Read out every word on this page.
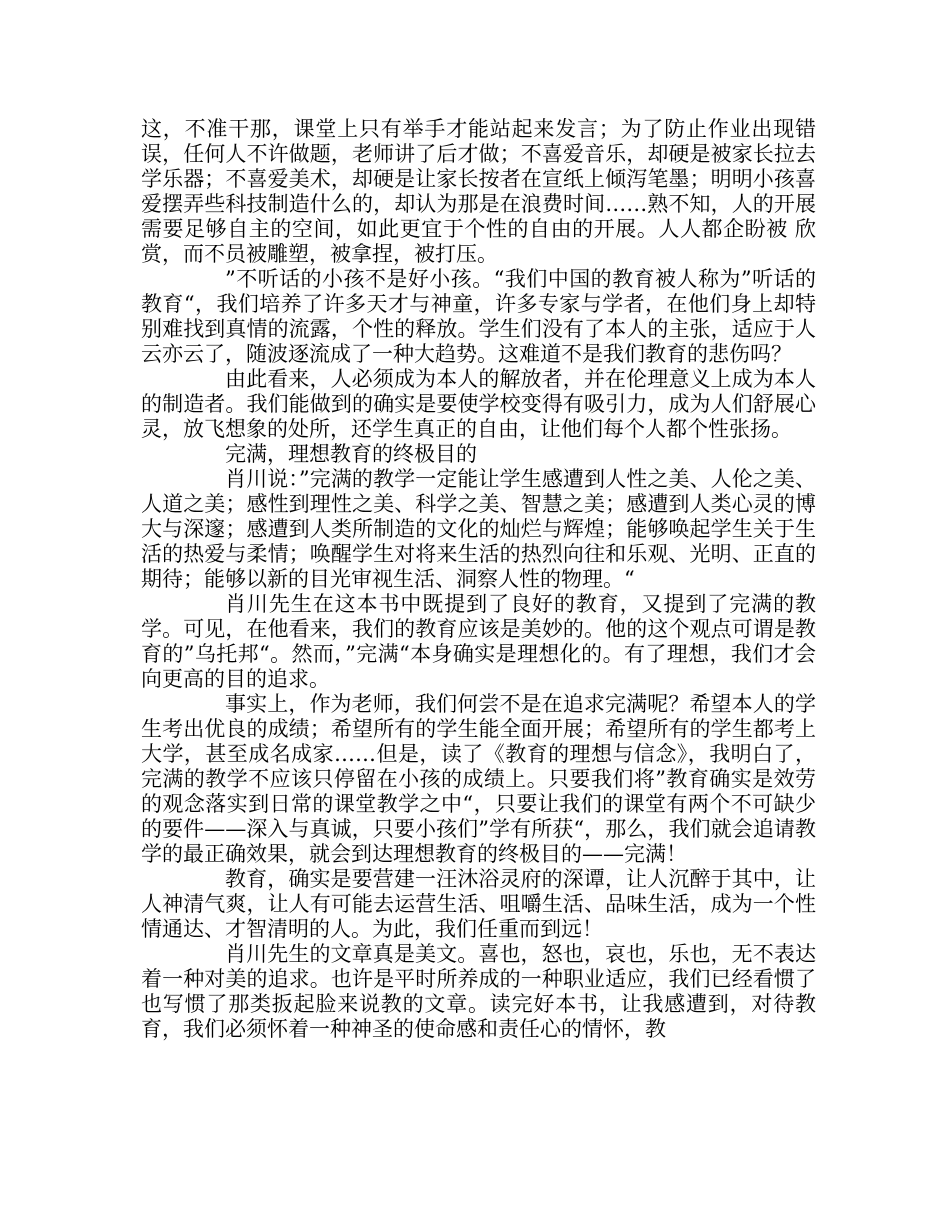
这，不准干那，课堂上只有举手才能站起来发言；为了防止作业出现错误，任何人不许做题，老师讲了后才做；不喜爱音乐，却硬是被家长拉去学乐器；不喜爱美术，却硬是让家长按者在宣纸上倾泻笔墨；明明小孩喜爱摆弄些科技制造什么的，却认为那是在浪费时间……熟不知，人的开展需要足够自主的空间，如此更宜于个性的自由的开展。人人都企盼被 欣赏，而不员被雕塑，被拿捏，被打压。

”不听话的小孩不是好小孩。“我们中国的教育被人称为”听话的教育“，我们培养了许多天才与神童，许多专家与学者，在他们身上却特别难找到真情的流露，个性的释放。学生们没有了本人的主张，适应于人云亦云了，随波逐流成了一种大趋势。这难道不是我们教育的悲伤吗？

由此看来，人必须成为本人的解放者，并在伦理意义上成为本人的制造者。我们能做到的确实是要使学校变得有吸引力，成为人们舒展心灵，放飞想象的处所，还学生真正的自由，让他们每个人都个性张扬。

完满，理想教育的终极目的

肖川说：”完满的教学一定能让学生感遭到人性之美、人伦之美、人道之美；感性到理性之美、科学之美、智慧之美；感遭到人类心灵的博大与深邃；感遭到人类所制造的文化的灿烂与辉煌；能够唤起学生关于生活的热爱与柔情；唤醒学生对将来生活的热烈向往和乐观、光明、正直的期待；能够以新的目光审视生活、洞察人性的物理。“

肖川先生在这本书中既提到了良好的教育，又提到了完满的教学。可见，在他看来，我们的教育应该是美妙的。他的这个观点可谓是教育的”乌托邦“。然而，”完满“本身确实是理想化的。有了理想，我们才会向更高的目的追求。

事实上，作为老师，我们何尝不是在追求完满呢？希望本人的学生考出优良的成绩；希望所有的学生能全面开展；希望所有的学生都考上大学，甚至成名成家……但是，读了《教育的理想与信念》，我明白了，完满的教学不应该只停留在小孩的成绩上。只要我们将”教育确实是效劳的观念落实到日常的课堂教学之中“，只要让我们的课堂有两个不可缺少的要件——深入与真诚，只要小孩们”学有所获“，那么，我们就会追请教学的最正确效果，就会到达理想教育的终极目的——完满！

教育，确实是要营建一汪沐浴灵府的深谭，让人沉醉于其中，让人神清气爽，让人有可能去运营生活、咀嚼生活、品味生活，成为一个性情通达、才智清明的人。为此，我们任重而到远！

肖川先生的文章真是美文。喜也，怒也，哀也，乐也，无不表达着一种对美的追求。也许是平时所养成的一种职业适应，我们已经看惯了也写惯了那类扳起脸来说教的文章。读完好本书，让我感遭到，对待教育，我们必须怀着一种神圣的使命感和责任心的情怀，教
